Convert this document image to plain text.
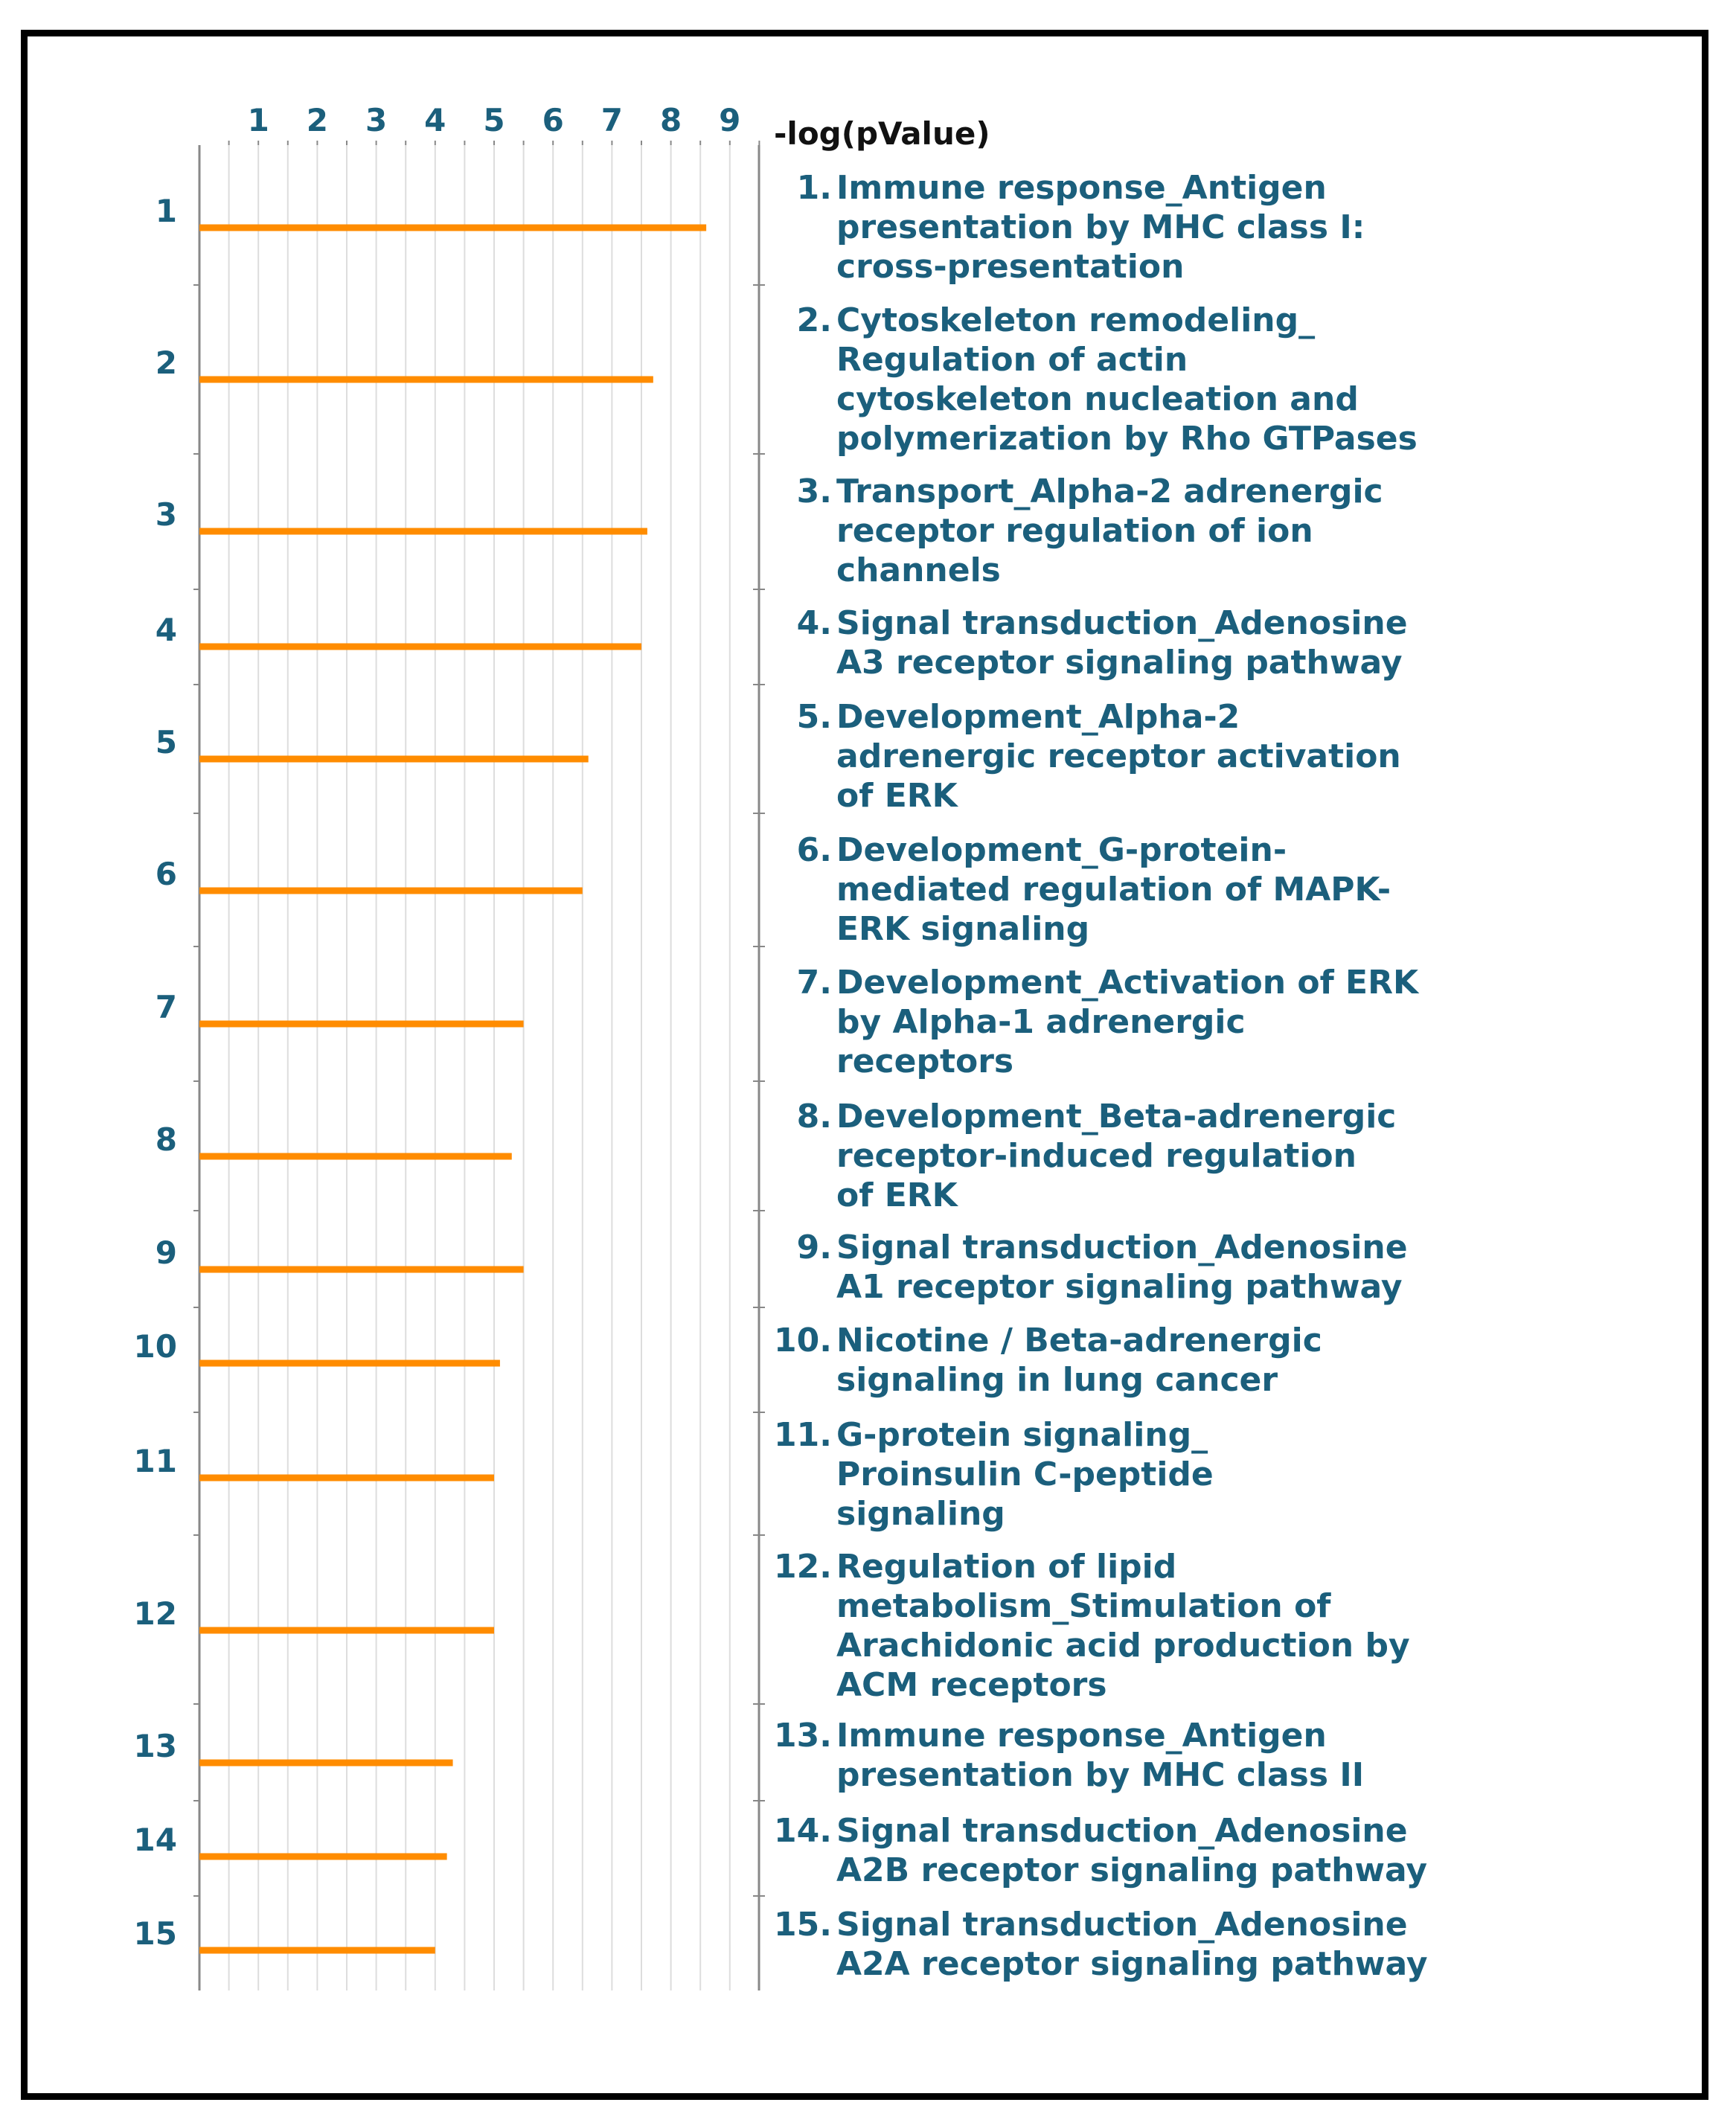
1 2 3 4 5 6 7 8 9 -log(pValue)
1
2
3
4
5
6
7
8
9
10
11
12
13
14
15
1. Immune response_Antigen
presentation by MHC class I:
cross-presentation
2. Cytoskeleton remodeling_
Regulation of actin
cytoskeleton nucleation and
polymerization by Rho GTPases
3. Transport_Alpha-2 adrenergic
receptor regulation of ion
channels
4. Signal transduction_Adenosine
A3 receptor signaling pathway
5. Development_Alpha-2
adrenergic receptor activation
of ERK
6. Development_G-protein-
mediated regulation of MAPK-
ERK signaling
7. Development_Activation of ERK
by Alpha-1 adrenergic
receptors
8. Development_Beta-adrenergic
receptor-induced regulation
of ERK
9. Signal transduction_Adenosine
A1 receptor signaling pathway
10. Nicotine / Beta-adrenergic
signaling in lung cancer
11. G-protein signaling_
Proinsulin C-peptide
signaling
12. Regulation of lipid
metabolism_Stimulation of
Arachidonic acid production by
ACM receptors
13. Immune response_Antigen
presentation by MHC class II
14. Signal transduction_Adenosine
A2B receptor signaling pathway
15. Signal transduction_Adenosine
A2A receptor signaling pathway
